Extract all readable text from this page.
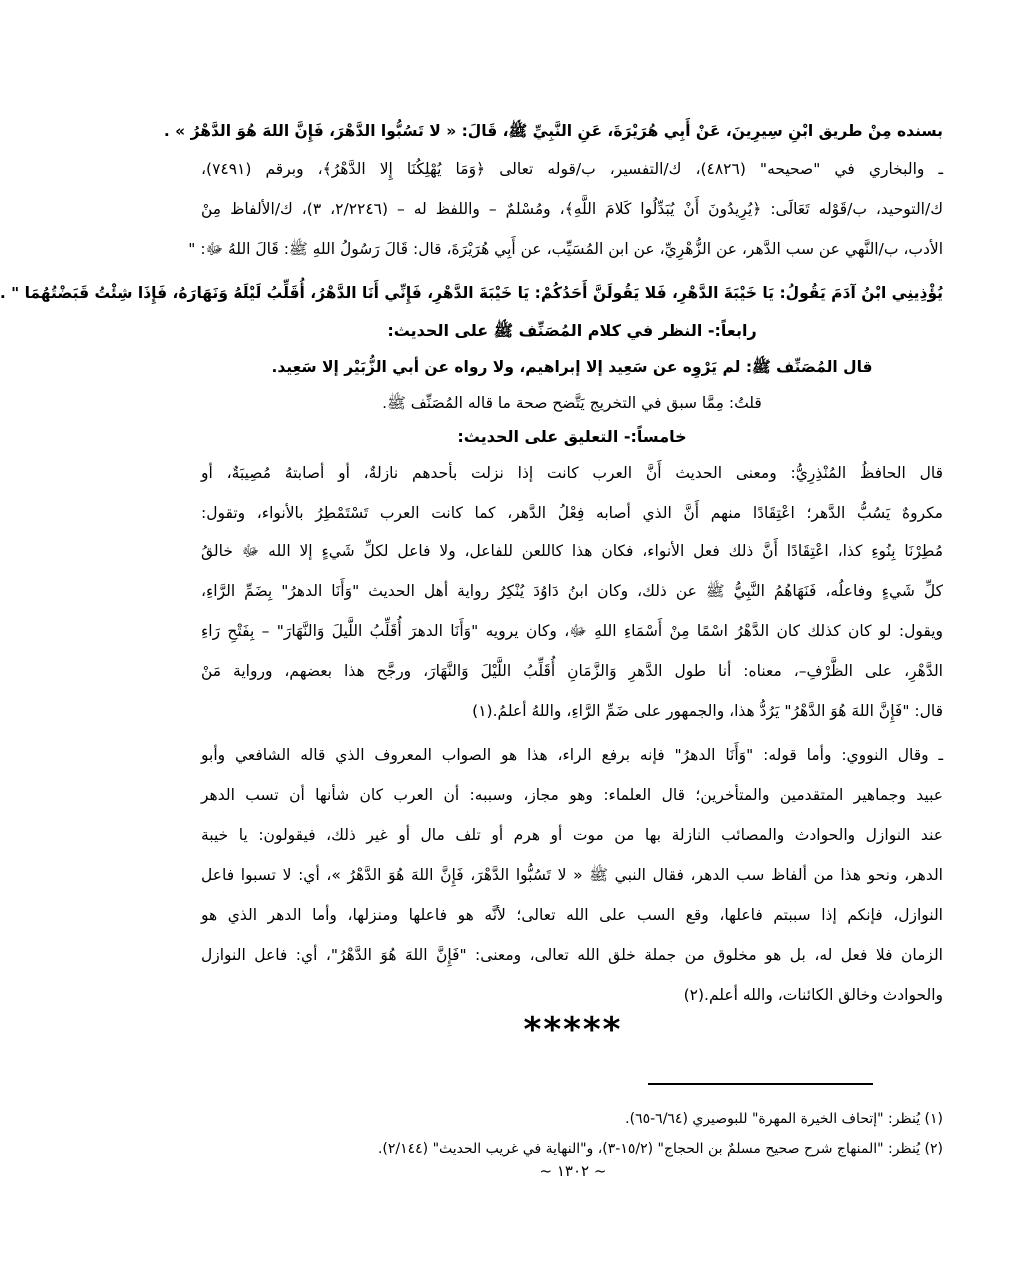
بسنده مِنْ طريق ابْنِ سِيرِينَ، عَنْ أَبِي هُرَيْرَةَ، عَنِ النَّبِيِّ ﷺ، قَالَ: « لا تَسُبُّوا الدَّهْرَ، فَإِنَّ اللهَ هُوَ الدَّهْرُ » .
ـ والبخاري في "صحيحه" (٤٨٢٦)، ك/التفسير، ب/قوله تعالى ﴿وَمَا يُهْلِكُنَا إِلا الدَّهْرُ﴾، وبرقم (٧٤٩١)،
ك/التوحيد، ب/قَوْله تَعَالَى: ﴿يُرِيدُونَ أَنْ يُبَدِّلُوا كَلامَ اللَّهِ﴾، ومُسْلمٌ – واللفظ له – (٢/٢٢٤٦، ٣)، ك/الألفاظ مِنْ
الأدب، ب/النَّهي عن سب الدَّهر، عن الزُّهْرِيِّ، عن ابن المُسَيِّب، عن أَبِي هُرَيْرَةَ، قال: قَالَ رَسُولُ اللهِ ﷺ: قَالَ اللهُ ﷻ: "
يُؤْذِينِي ابْنُ آدَمَ يَقُولُ: يَا خَيْبَةَ الدَّهْرِ، فَلا يَقُولَنَّ أَحَدُكُمْ: يَا خَيْبَةَ الدَّهْرِ، فَإِنِّي أَنَا الدَّهْرُ، أُقَلِّبُ لَيْلَهُ وَنَهَارَهُ، فَإِذَا شِئْتُ قَبَضْتُهُمَا " .
رابعاً:- النظر في كلام المُصَنِّف ﷺ على الحديث:
قال المُصَنِّف ﷺ: لم يَرْوِه عن سَعِيد إلا إبراهيم، ولا رواه عن أبي الزُّبَيْر إلا سَعِيد.
قلتُ: مِمَّا سبق في التخريج يَتَّضح صحة ما قاله المُصَنِّف ﷺ.
خامساً:- التعليق على الحديث:
قال الحافظُ المُنْذِرِيُّ: ومعنى الحديث أَنَّ العرب كانت إذا نزلت بأحدهم نازلةٌ، أو أصابتهُ مُصِيبَةٌ، أو
مكروهٌ يَسُبُّ الدَّهر؛ اعْتِقَادًا منهم أَنَّ الذي أصابه فِعْلُ الدَّهر، كما كانت العرب تَسْتَمْطِرُ بالأنواء، وتقول:
مُطِرْنَا بِنُوءِ كذا، اعْتِقَادًا أَنَّ ذلك فعل الأنواء، فكان هذا كاللعن للفاعل، ولا فاعل لكلِّ شَيءٍ إلا الله ﷻ خالقُ
كلِّ شَيءٍ وفاعلُه، فَنَهَاهُمُ النَّبِيُّ ﷺ عن ذلك، وكان ابنُ دَاوُدَ يُنْكِرُ رواية أهل الحديث "وَأَنَا الدهرُ" بِضَمِّ الرَّاءِ،
ويقول: لو كان كذلك كان الدَّهْرُ اسْمًا مِنْ أَسْمَاءِ اللهِ ﷻ، وكان يرويه "وَأَنَا الدهرَ أُقَلِّبُ اللَّيلَ وَالنَّهَارَ" – بِفَتْحِ رَاءِ
الدَّهْرِ، على الظَّرْفِ–، معناه: أنا طول الدَّهرِ وَالزَّمَانِ أُقَلِّبُ اللَّيْلَ وَالنَّهَارَ، ورجَّح هذا بعضهم، ورواية مَنْ
قال: "فَإِنَّ اللهَ هُوَ الدَّهْرُ" يَرُدُّ هذا، والجمهور على ضَمِّ الرَّاءِ، واللهُ أعلمُ.(١)
ـ وقال النووي: وأما قوله: "وَأَنَا الدهرُ" فإنه برفع الراء، هذا هو الصواب المعروف الذي قاله الشافعي وأبو
عبيد وجماهير المتقدمين والمتأخرين؛ قال العلماء: وهو مجاز، وسببه: أن العرب كان شأنها أن تسب الدهر
عند النوازل والحوادث والمصائب النازلة بها من موت أو هرم أو تلف مال أو غير ذلك، فيقولون: يا خيبة
الدهر، ونحو هذا من ألفاظ سب الدهر، فقال النبي ﷺ « لا تَسُبُّوا الدَّهْرَ، فَإِنَّ اللهَ هُوَ الدَّهْرُ »، أي: لا تسبوا فاعل
النوازل، فإنكم إذا سببتم فاعلها، وقع السب على الله تعالى؛ لأنَّه هو فاعلها ومنزلها، وأما الدهر الذي هو
الزمان فلا فعل له، بل هو مخلوق من جملة خلق الله تعالى، ومعنى: "فَإِنَّ اللهَ هُوَ الدَّهْرُ"، أي: فاعل النوازل
والحوادث وخالق الكائنات، والله أعلم.(٢)
*****
(١) يُنظر: "إتحاف الخيرة المهرة" للبوصيري (٦/٦٤-٦٥).
(٢) يُنظر: "المنهاج شرح صحيح مسلمٌ بن الحجاج" (١٥/٢-٣)، و"النهاية في غريب الحديث" (٢/١٤٤).
~ ١٣٠٢ ~
